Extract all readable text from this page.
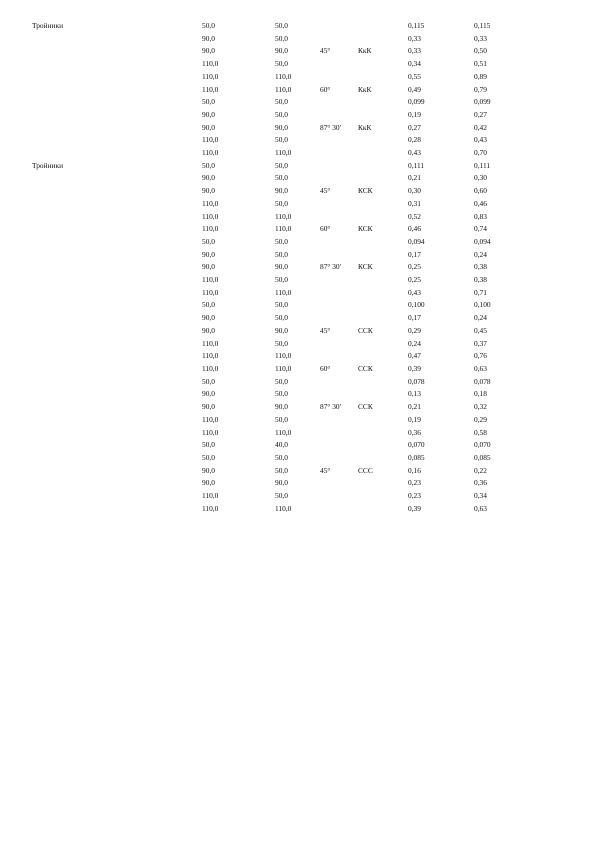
Тройники	50,0	50,0			0,115	0,115
	90,0	50,0			0,33	0,33
	90,0	90,0	45°	КкК	0,33	0,50
	110,0	50,0			0,34	0,51
	110,0	110,0			0,55	0,89
	110,0	110,0	60°	КкК	0,49	0,79
	50,0	50,0			0,099	0,099
	90,0	50,0			0,19	0,27
	90,0	90,0	87° 30'	КкК	0,27	0,42
	110,0	50,0			0,28	0,43
	110,0	110,0			0,43	0,70
Тройники	50,0	50,0			0,111	0,111
	90,0	50,0			0,21	0,30
	90,0	90,0	45°	КСК	0,30	0,60
	110,0	50,0			0,31	0,46
	110,0	110,0			0,52	0,83
	110,0	110,0	60°	КСК	0,46	0,74
	50,0	50,0			0,094	0,094
	90,0	50,0			0,17	0,24
	90,0	90,0	87° 30'	КСК	0,25	0,38
	110,0	50,0			0,25	0,38
	110,0	110,0			0,43	0,71
	50,0	50,0			0,100	0,100
	90,0	50,0			0,17	0,24
	90,0	90,0	45°	ССК	0,29	0,45
	110,0	50,0			0,24	0,37
	110,0	110,0			0,47	0,76
	110,0	110,0	60°	ССК	0,39	0,63
	50,0	50,0			0,078	0,078
	90,0	50,0			0,13	0,18
	90,0	90,0	87° 30'	ССК	0,21	0,32
	110,0	50,0			0,19	0,29
	110,0	110,0			0,36	0,58
	50,0	40,0			0,070	0,070
	50,0	50,0			0,085	0,085
	90,0	50,0	45°	ССС	0,16	0,22
	90,0	90,0			0,23	0,36
	110,0	50,0			0,23	0,34
	110,0	110,0			0,39	0,63
